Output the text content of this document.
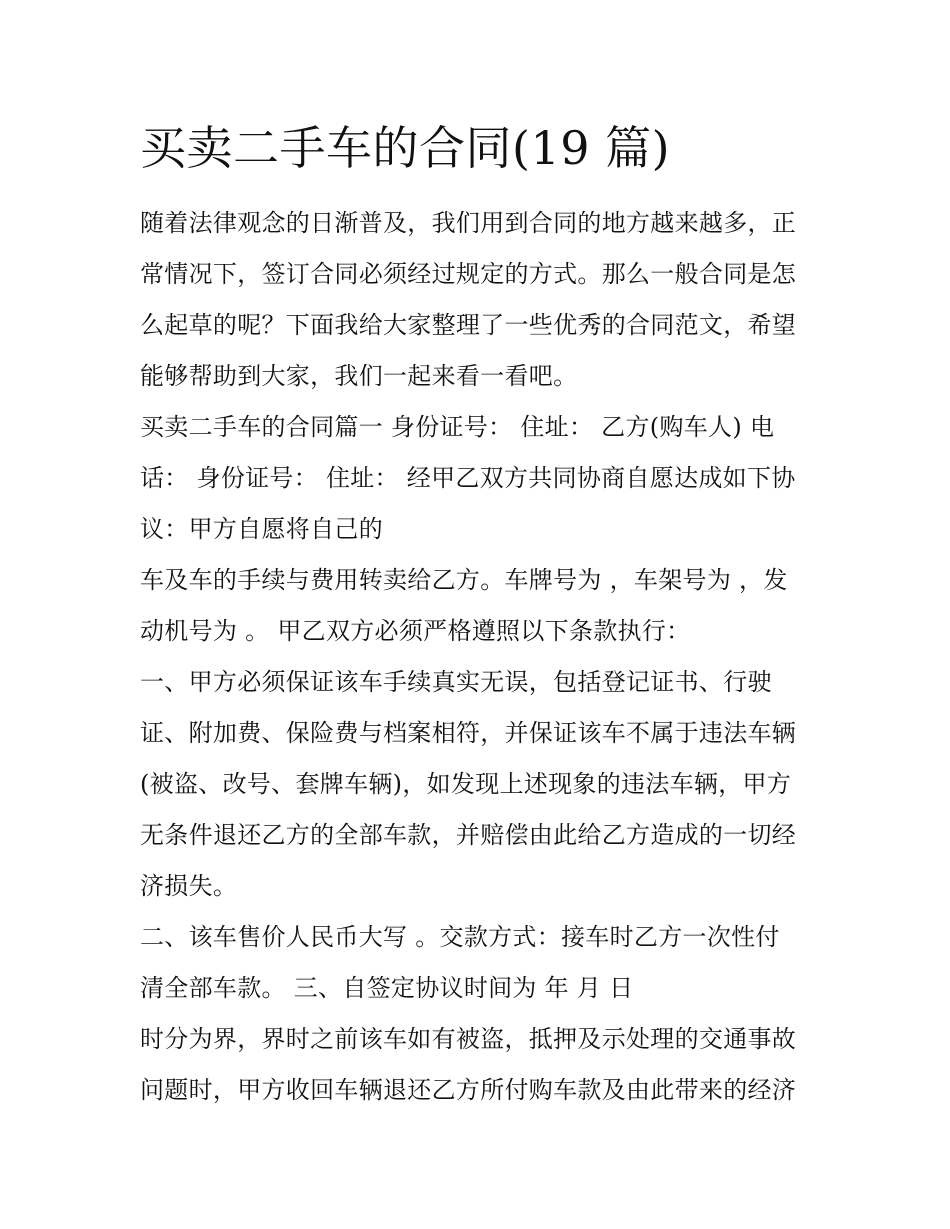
买卖二手车的合同(19 篇)
随着法律观念的日渐普及，我们用到合同的地方越来越多，正
常情况下，签订合同必须经过规定的方式。那么一般合同是怎
么起草的呢？下面我给大家整理了一些优秀的合同范文，希望
能够帮助到大家，我们一起来看一看吧。
买卖二手车的合同篇一 身份证号： 住址： 乙方(购车人) 电
话： 身份证号： 住址： 经甲乙双方共同协商自愿达成如下协
议：甲方自愿将自己的
车及车的手续与费用转卖给乙方。车牌号为 ，车架号为 ，发
动机号为 。 甲乙双方必须严格遵照以下条款执行：
一、甲方必须保证该车手续真实无误，包括登记证书、行驶
证、附加费、保险费与档案相符，并保证该车不属于违法车辆
(被盗、改号、套牌车辆)，如发现上述现象的违法车辆，甲方
无条件退还乙方的全部车款，并赔偿由此给乙方造成的一切经
济损失。
二、该车售价人民币大写 。交款方式：接车时乙方一次性付
清全部车款。 三、自签定协议时间为 年 月 日
时分为界，界时之前该车如有被盗，抵押及示处理的交通事故
问题时，甲方收回车辆退还乙方所付购车款及由此带来的经济
